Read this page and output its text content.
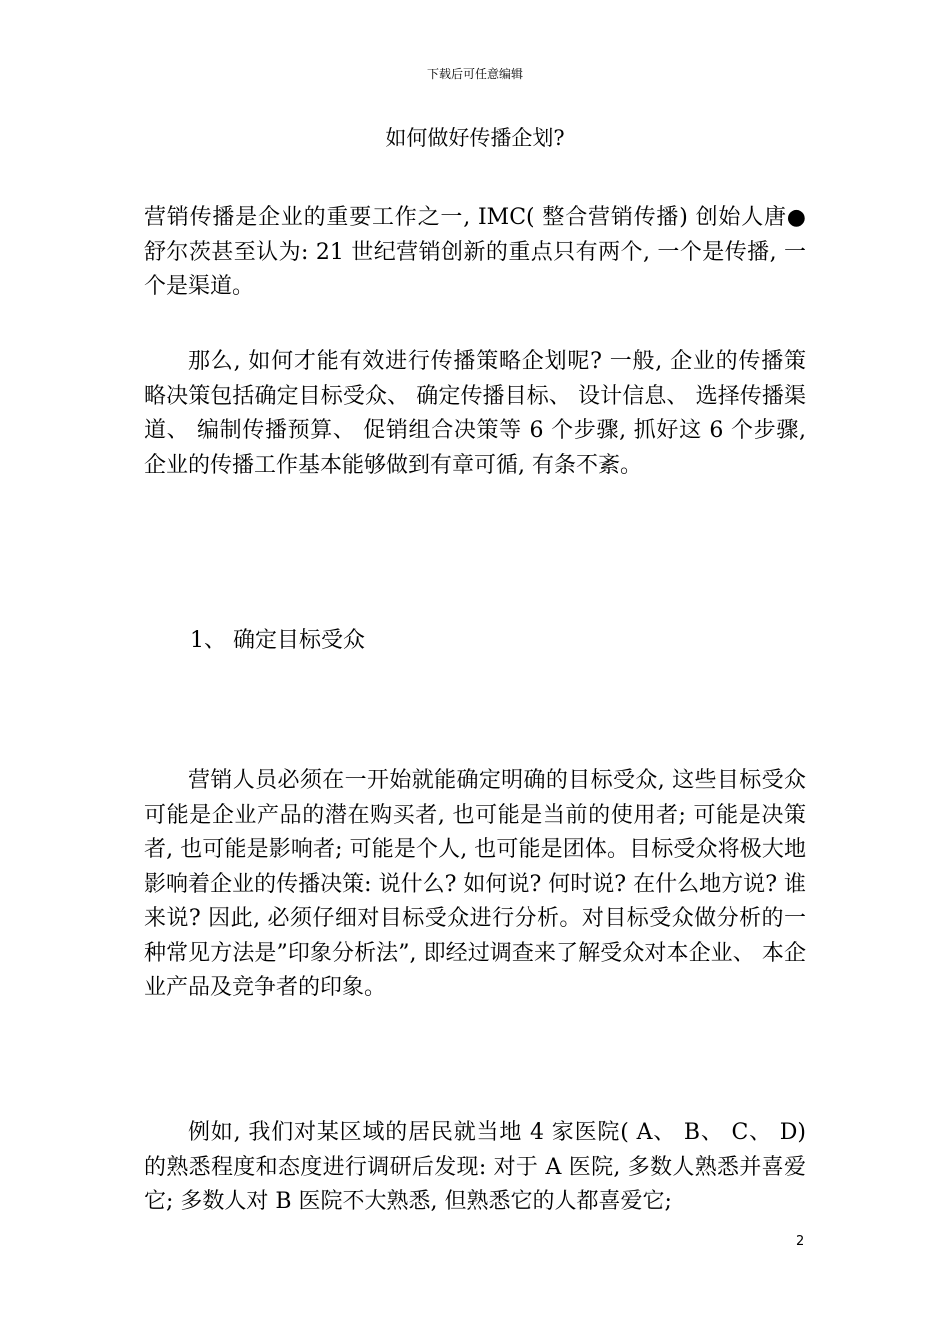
下载后可任意编辑
如何做好传播企划?

营销传播是企业的重要工作之一, IMC( 整合营销传播) 创始人唐●舒尔茨甚至认为: 21 世纪营销创新的重点只有两个, 一个是传播, 一个是渠道。

那么, 如何才能有效进行传播策略企划呢? 一般, 企业的传播策略决策包括确定目标受众、 确定传播目标、 设计信息、 选择传播渠道、 编制传播预算、 促销组合决策等 6 个步骤, 抓好这 6 个步骤, 企业的传播工作基本能够做到有章可循, 有条不紊。

1、 确定目标受众

营销人员必须在一开始就能确定明确的目标受众, 这些目标受众可能是企业产品的潜在购买者, 也可能是当前的使用者; 可能是决策者, 也可能是影响者; 可能是个人, 也可能是团体。目标受众将极大地影响着企业的传播决策: 说什么? 如何说? 何时说? 在什么地方说? 谁来说? 因此, 必须仔细对目标受众进行分析。对目标受众做分析的一种常见方法是”印象分析法”, 即经过调查来了解受众对本企业、 本企业产品及竞争者的印象。

例如, 我们对某区域的居民就当地 4 家医院( A、 B、 C、 D) 的熟悉程度和态度进行调研后发现: 对于 A 医院, 多数人熟悉并喜爱它; 多数人对 B 医院不大熟悉, 但熟悉它的人都喜爱它;

2
